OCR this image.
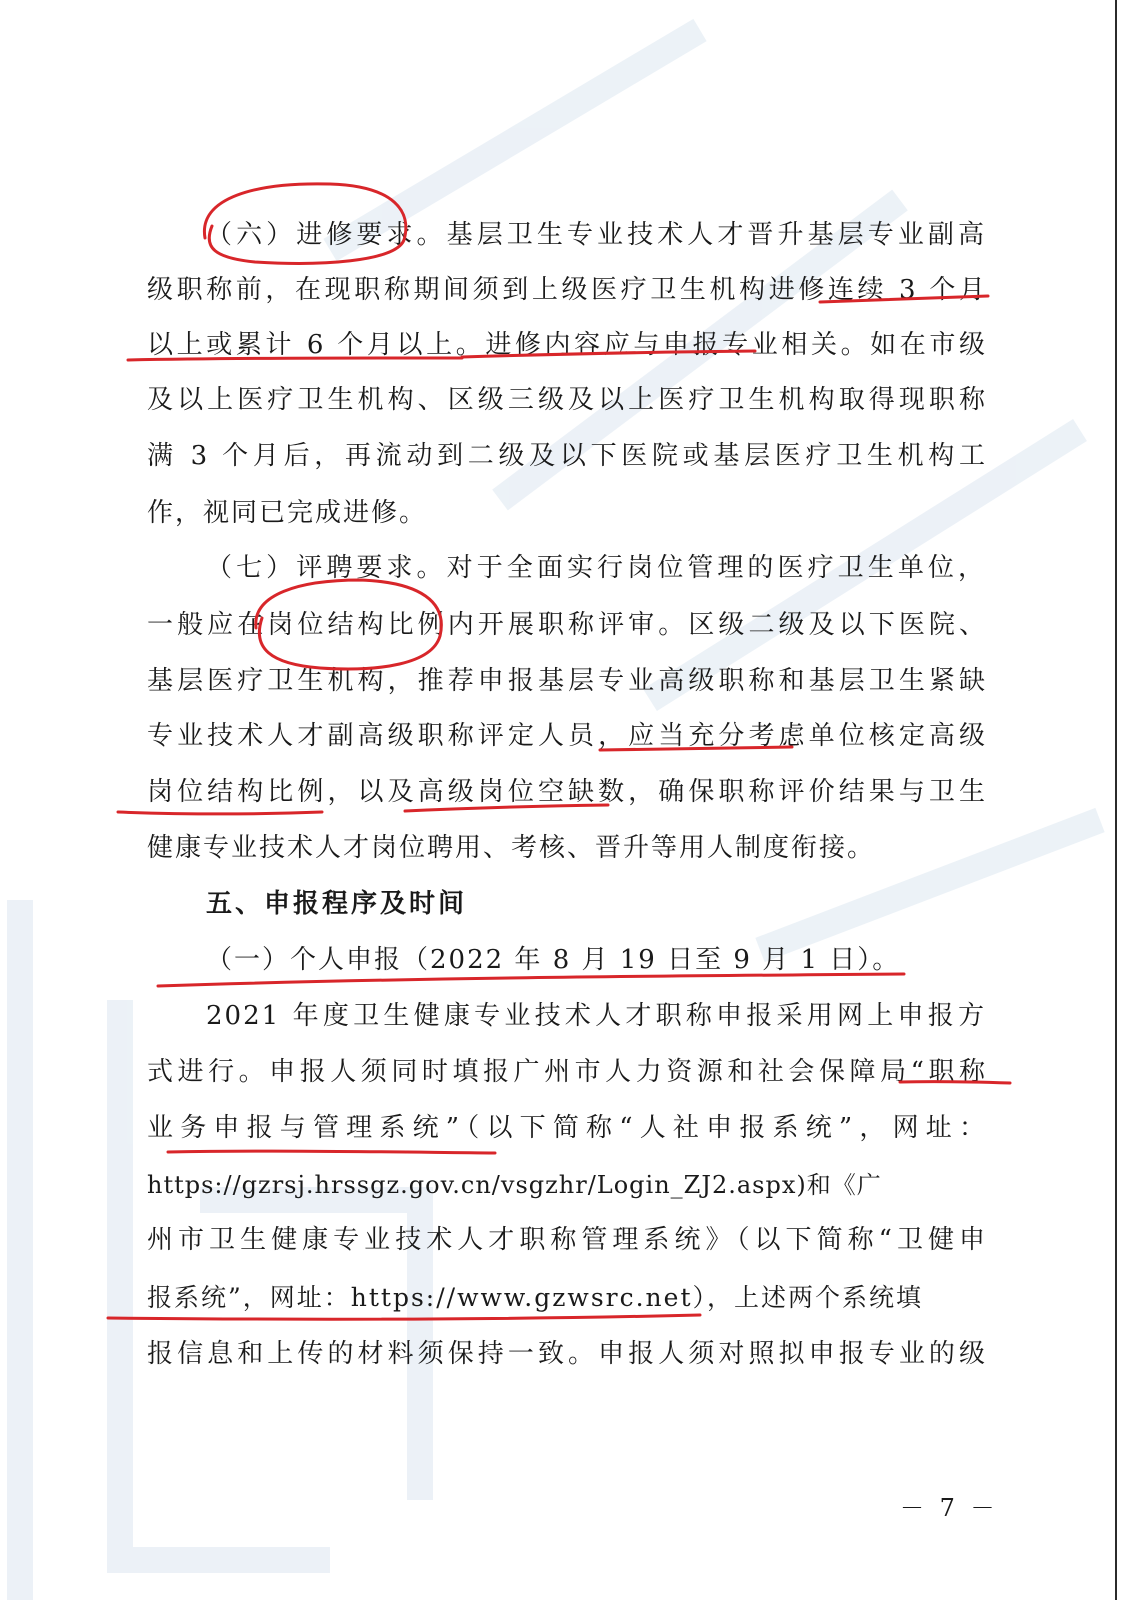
（六）进修要求。基层卫生专业技术人才晋升基层专业副高
级职称前，在现职称期间须到上级医疗卫生机构进修连续 3 个月
以上或累计 6 个月以上。进修内容应与申报专业相关。如在市级
及以上医疗卫生机构、区级三级及以上医疗卫生机构取得现职称
满 3 个月后，再流动到二级及以下医院或基层医疗卫生机构工
作，视同已完成进修。
（七）评聘要求。对于全面实行岗位管理的医疗卫生单位，
一般应在岗位结构比例内开展职称评审。区级二级及以下医院、
基层医疗卫生机构，推荐申报基层专业高级职称和基层卫生紧缺
专业技术人才副高级职称评定人员，应当充分考虑单位核定高级
岗位结构比例，以及高级岗位空缺数，确保职称评价结果与卫生
健康专业技术人才岗位聘用、考核、晋升等用人制度衔接。
五、申报程序及时间
（一）个人申报（2022 年 8 月 19 日至 9 月 1 日）。
2021 年度卫生健康专业技术人才职称申报采用网上申报方
式进行。申报人须同时填报广州市人力资源和社会保障局“职称
业务申报与管理系统”（以下简称“人社申报系统”，网址：
https://gzrsj.hrssgz.gov.cn/vsgzhr/Login_ZJ2.aspx)和《广
州市卫生健康专业技术人才职称管理系统》（以下简称“卫健申
报系统”，网址：https://www.gzwsrc.net），上述两个系统填
报信息和上传的材料须保持一致。申报人须对照拟申报专业的级
－ 7 －
